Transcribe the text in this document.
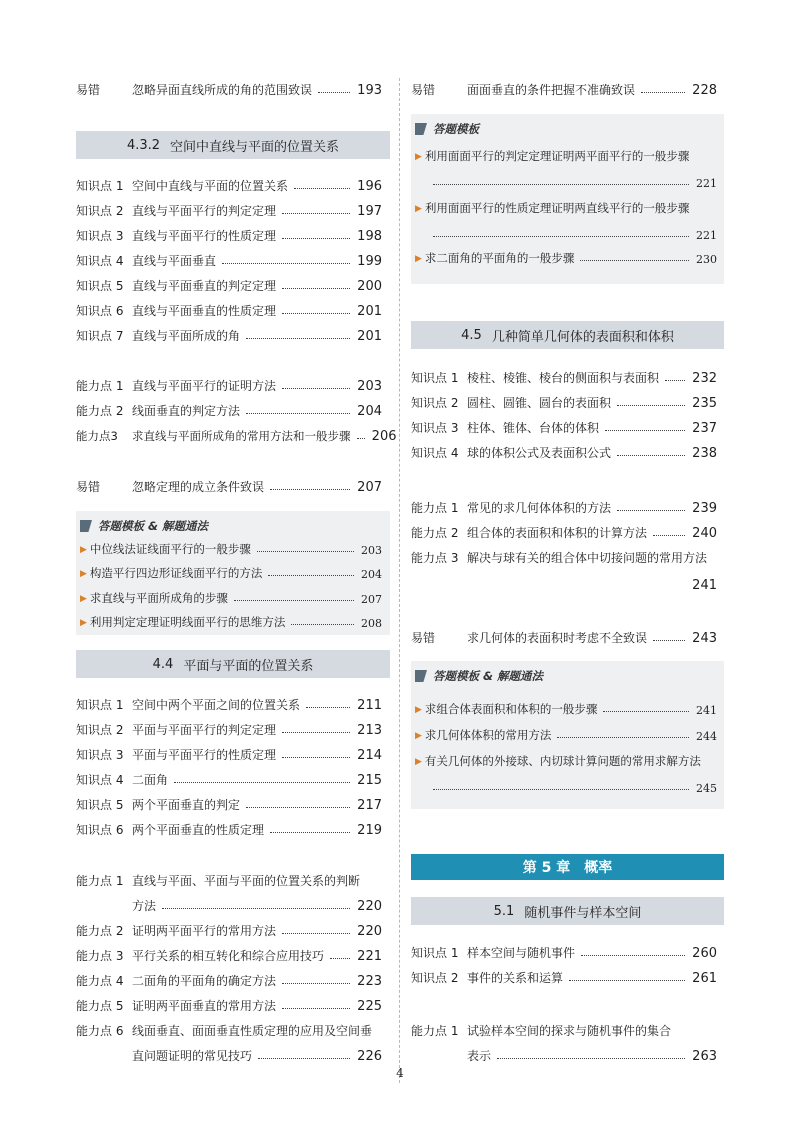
易错	忽略异面直线所成的角的范围致误	193
4.3.2 空间中直线与平面的位置关系
知识点 1 空间中直线与平面的位置关系	196
知识点 2 直线与平面平行的判定定理	197
知识点 3 直线与平面平行的性质定理	198
知识点 4 直线与平面垂直	199
知识点 5 直线与平面垂直的判定定理	200
知识点 6 直线与平面垂直的性质定理	201
知识点 7 直线与平面所成的角	201
能力点 1 直线与平面平行的证明方法	203
能力点 2 线面垂直的判定方法	204
能力点3	求直线与平面所成角的常用方法和一般步骤 206
易错	忽略定理的成立条件致误	207
答题模板 & 解题通法
▶ 中位线法证线面平行的一般步骤	203
▶ 构造平行四边形证线面平行的方法	204
▶ 求直线与平面所成角的步骤	207
▶ 利用判定定理证明线面平行的思维方法	208
4.4 平面与平面的位置关系
知识点 1 空间中两个平面之间的位置关系	211
知识点 2 平面与平面平行的判定定理	213
知识点 3 平面与平面平行的性质定理	214
知识点 4 二面角	215
知识点 5 两个平面垂直的判定	217
知识点 6 两个平面垂直的性质定理	219
能力点 1 直线与平面、平面与平面的位置关系的判断
方法	220
能力点 2 证明两平面平行的常用方法	220
能力点 3 平行关系的相互转化和综合应用技巧	221
能力点 4 二面角的平面角的确定方法	223
能力点 5 证明两平面垂直的常用方法	225
能力点 6 线面垂直、面面垂直性质定理的应用及空间垂
直问题证明的常见技巧	226
易错	面面垂直的条件把握不准确致误	228
答题模板
▶ 利用面面平行的判定定理证明两平面平行的一般步骤
221
▶ 利用面面平行的性质定理证明两直线平行的一般步骤
221
▶ 求二面角的平面角的一般步骤	230
4.5 几种简单几何体的表面积和体积
知识点 1 棱柱、棱锥、棱台的侧面积与表面积	232
知识点 2 圆柱、圆锥、圆台的表面积	235
知识点 3 柱体、锥体、台体的体积	237
知识点 4 球的体积公式及表面积公式	238
能力点 1 常见的求几何体体积的方法	239
能力点 2 组合体的表面积和体积的计算方法	240
能力点 3 解决与球有关的组合体中切接问题的常用方法
241
易错	求几何体的表面积时考虑不全致误	243
答题模板 & 解题通法
▶ 求组合体表面积和体积的一般步骤	241
▶ 求几何体体积的常用方法	244
▶ 有关几何体的外接球、内切球计算问题的常用求解方法
245
第 5 章　概率
5.1 随机事件与样本空间
知识点 1 样本空间与随机事件	260
知识点 2 事件的关系和运算	261
能力点 1 试验样本空间的探求与随机事件的集合
表示	263
4
